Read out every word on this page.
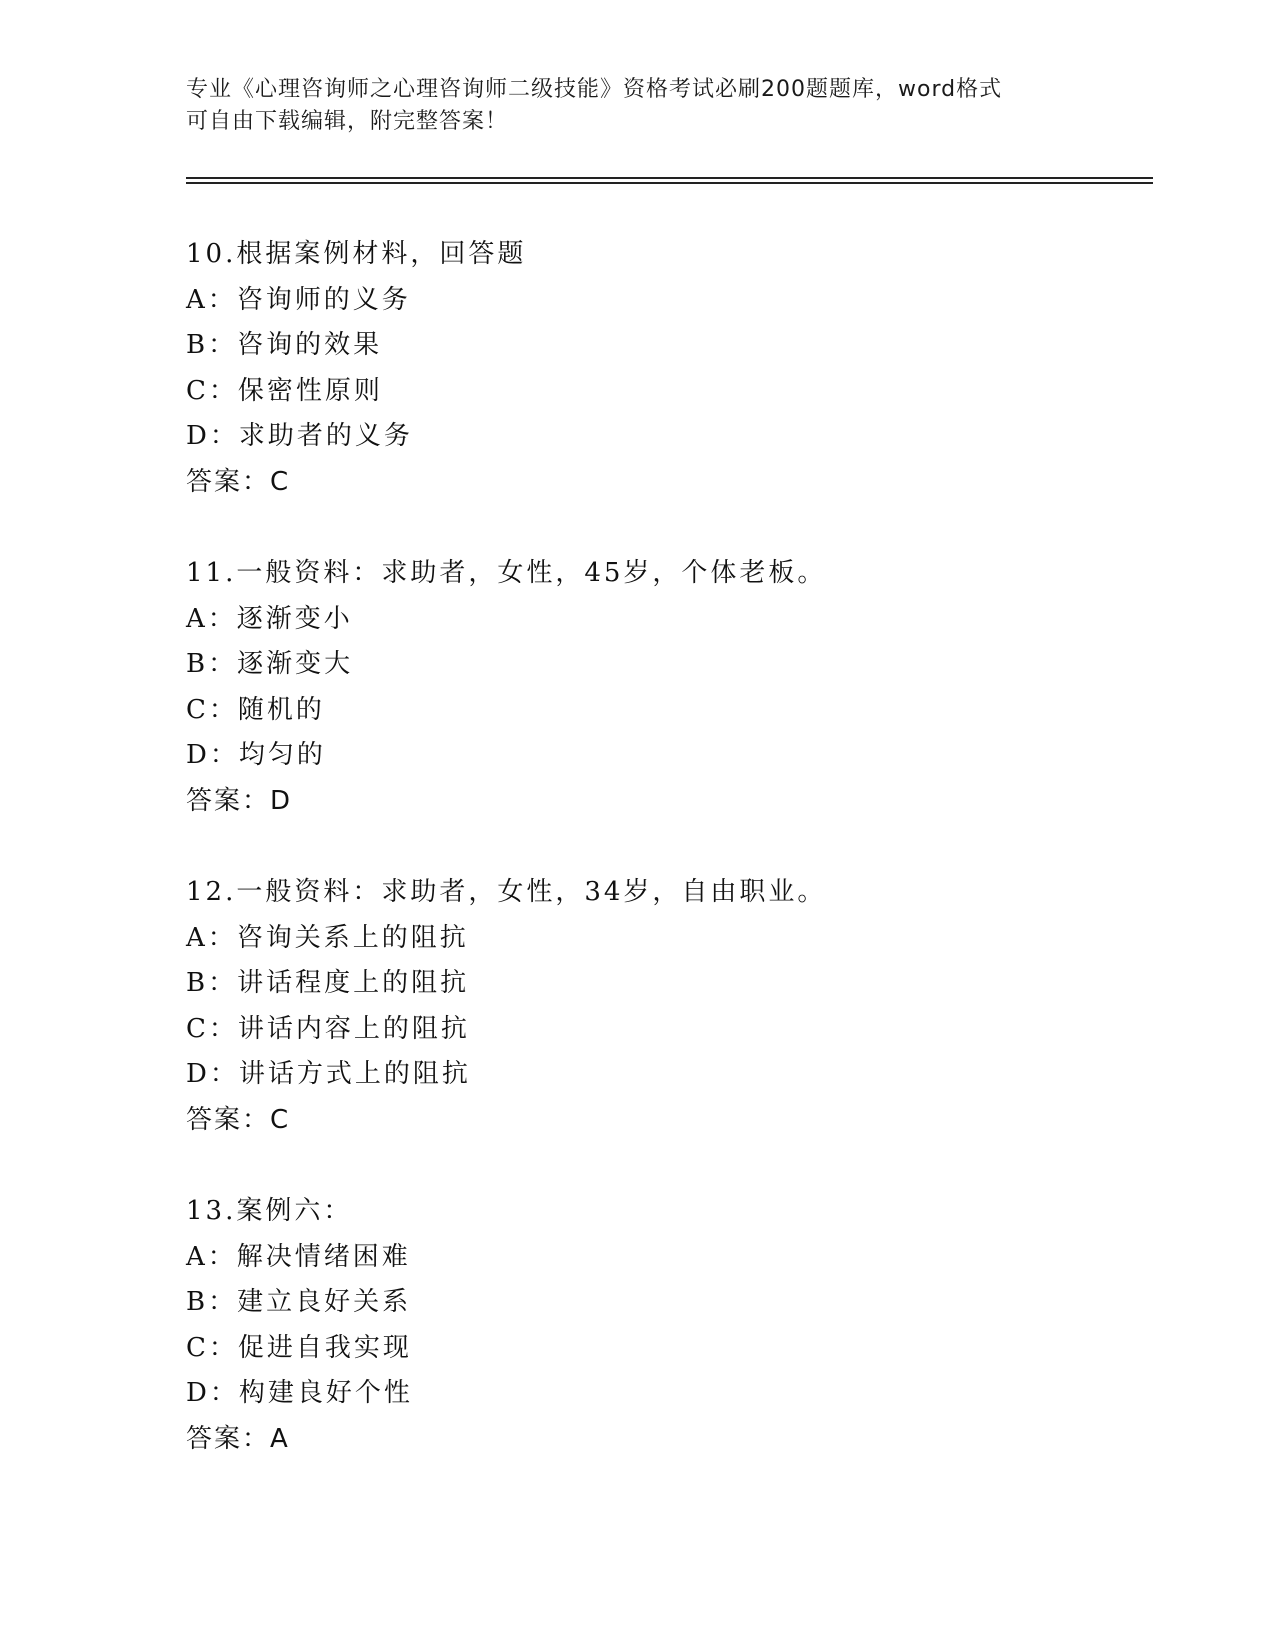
专业《心理咨询师之心理咨询师二级技能》资格考试必刷200题题库，word格式
可自由下载编辑，附完整答案！
10.根据案例材料，回答题
A：咨询师的义务
B：咨询的效果
C：保密性原则
D：求助者的义务
答案：C
11.一般资料：求助者，女性，45岁，个体老板。
A：逐渐变小
B：逐渐变大
C：随机的
D：均匀的
答案：D
12.一般资料：求助者，女性，34岁，自由职业。
A：咨询关系上的阻抗
B：讲话程度上的阻抗
C：讲话内容上的阻抗
D：讲话方式上的阻抗
答案：C
13.案例六：
A：解决情绪困难
B：建立良好关系
C：促进自我实现
D：构建良好个性
答案：A
